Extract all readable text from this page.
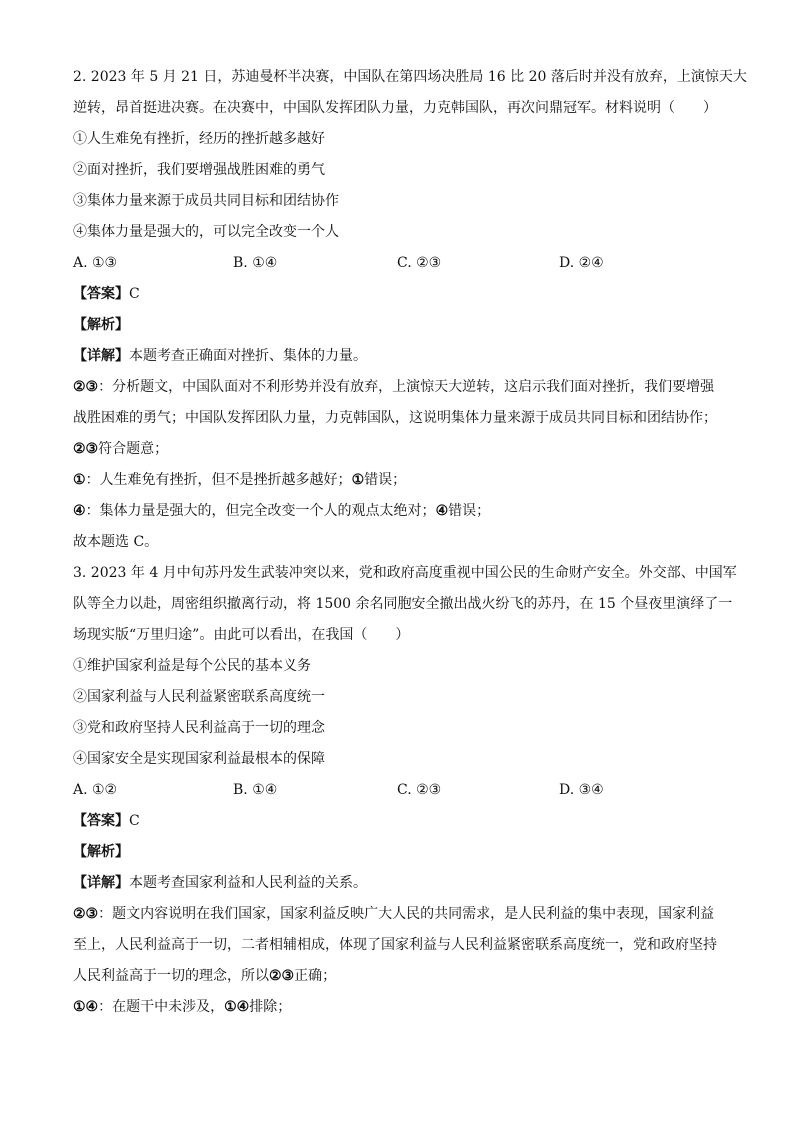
2. 2023 年 5 月 21 日，苏迪曼杯半决赛，中国队在第四场决胜局 16 比 20 落后时并没有放弃，上演惊天大
逆转，昂首挺进决赛。在决赛中，中国队发挥团队力量，力克韩国队，再次问鼎冠军。材料说明（　　）
①人生难免有挫折，经历的挫折越多越好
②面对挫折，我们要增强战胜困难的勇气
③集体力量来源于成员共同目标和团结协作
④集体力量是强大的，可以完全改变一个人
A. ①③	B. ①④	C. ②③	D. ②④
【答案】C
【解析】
【详解】本题考查正确面对挫折、集体的力量。
②③：分析题文，中国队面对不利形势并没有放弃，上演惊天大逆转，这启示我们面对挫折，我们要增强
战胜困难的勇气；中国队发挥团队力量，力克韩国队，这说明集体力量来源于成员共同目标和团结协作；
②③符合题意；
①：人生难免有挫折，但不是挫折越多越好；①错误；
④：集体力量是强大的，但完全改变一个人的观点太绝对；④错误；
故本题选 C。
3. 2023 年 4 月中旬苏丹发生武装冲突以来，党和政府高度重视中国公民的生命财产安全。外交部、中国军
队等全力以赴，周密组织撤离行动，将 1500 余名同胞安全撤出战火纷飞的苏丹，在 15 个昼夜里演绎了一
场现实版“万里归途”。由此可以看出，在我国（　　）
①维护国家利益是每个公民的基本义务
②国家利益与人民利益紧密联系高度统一
③党和政府坚持人民利益高于一切的理念
④国家安全是实现国家利益最根本的保障
A. ①②	B. ①④	C. ②③	D. ③④
【答案】C
【解析】
【详解】本题考查国家利益和人民利益的关系。
②③：题文内容说明在我们国家，国家利益反映广大人民的共同需求，是人民利益的集中表现，国家利益
至上，人民利益高于一切，二者相辅相成，体现了国家利益与人民利益紧密联系高度统一，党和政府坚持
人民利益高于一切的理念，所以②③正确；
①④：在题干中未涉及，①④排除；
